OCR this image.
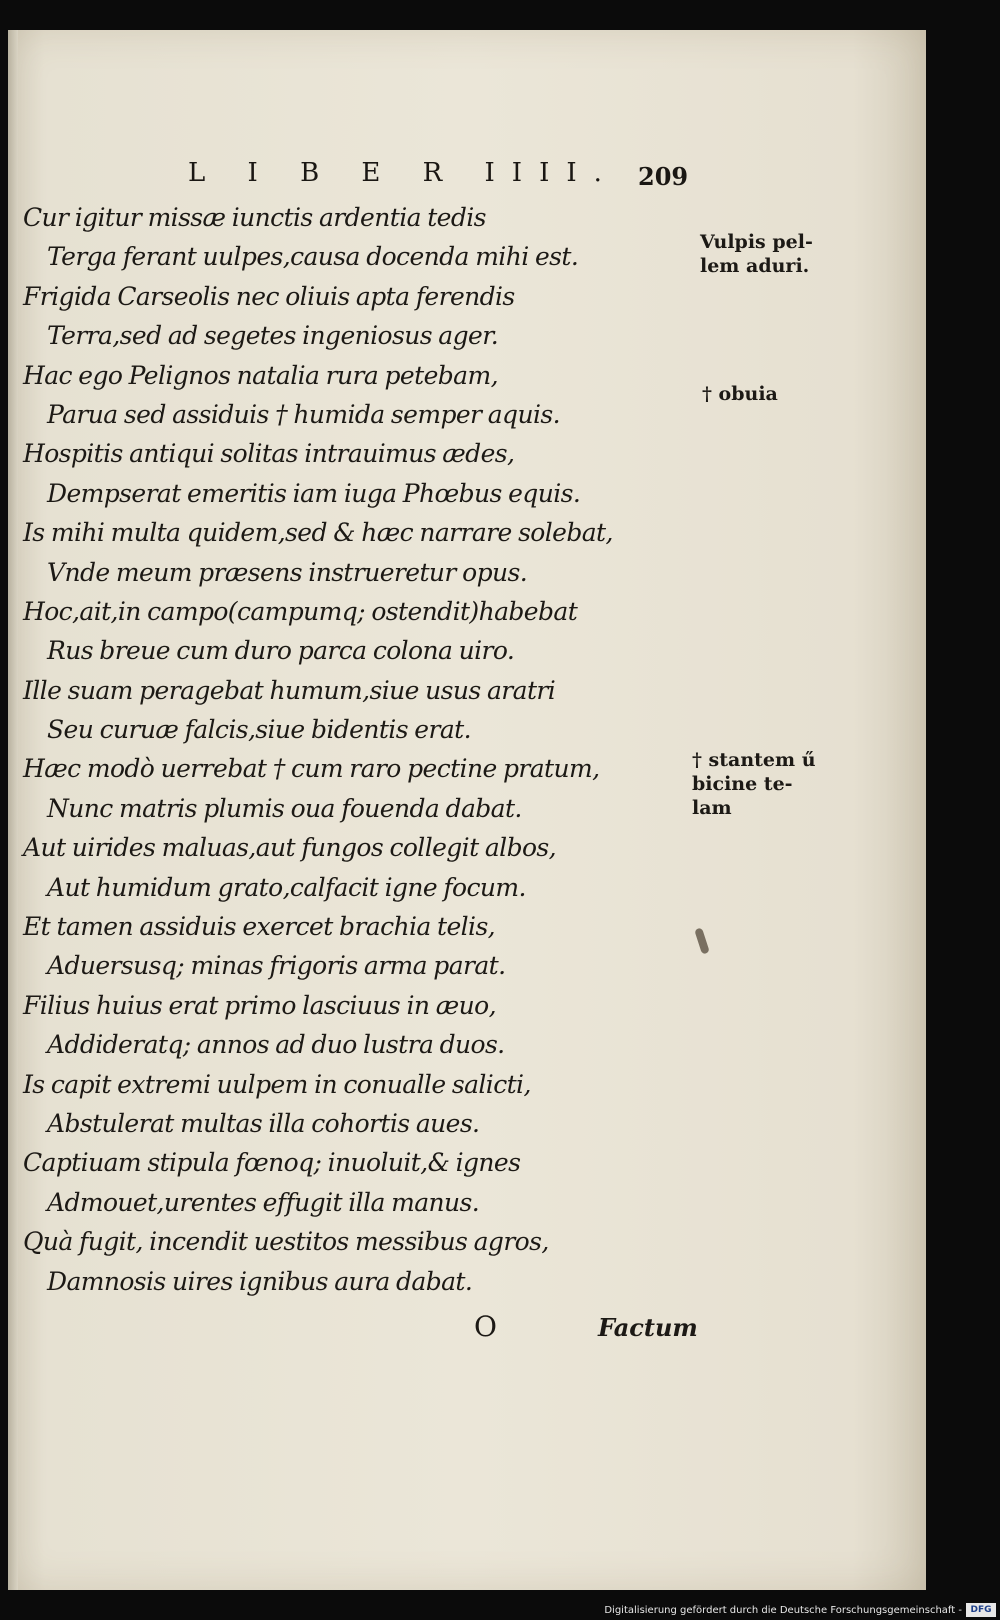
L I B E R IIII. 209
Cur igitur missæ iunctis ardentia tedis
Terga ferant uulpes,causa docenda mihi est.
Frigida Carseolis nec oliuis apta ferendis
Terra,sed ad segetes ingeniosus ager.
Hac ego Pelignos natalia rura petebam,
Parua sed assiduis † humida semper aquis.
Hospitis antiqui solitas intrauimus ædes,
Dempserat emeritis iam iuga Phœbus equis.
Is mihi multa quidem,sed & hæc narrare solebat,
Vnde meum præsens instrueretur opus.
Hoc,ait,in campo(campumq; ostendit)habebat
Rus breue cum duro parca colona uiro.
Ille suam peragebat humum,siue usus aratri
Seu curuæ falcis,siue bidentis erat.
Hæc modò uerrebat † cum raro pectine pratum,
Nunc matris plumis oua fouenda dabat.
Aut uirides maluas,aut fungos collegit albos,
Aut humidum grato,calfacit igne focum.
Et tamen assiduis exercet brachia telis,
Aduersusq; minas frigoris arma parat.
Filius huius erat primo lasciuus in æuo,
Addideratq; annos ad duo lustra duos.
Is capit extremi uulpem in conualle salicti,
Abstulerat multas illa cohortis aues.
Captiuam stipula fœnoq; inuoluit,& ignes
Admouet,urentes effugit illa manus.
Quà fugit, incendit uestitos messibus agros,
Damnosis uires ignibus aura dabat.
Vulpis pel-
lem aduri.
† obuia
† stantem ű
bicine te-
lam
O	Factum
Digitalisierung gefördert durch die Deutsche Forschungsgemeinschaft - DFG
